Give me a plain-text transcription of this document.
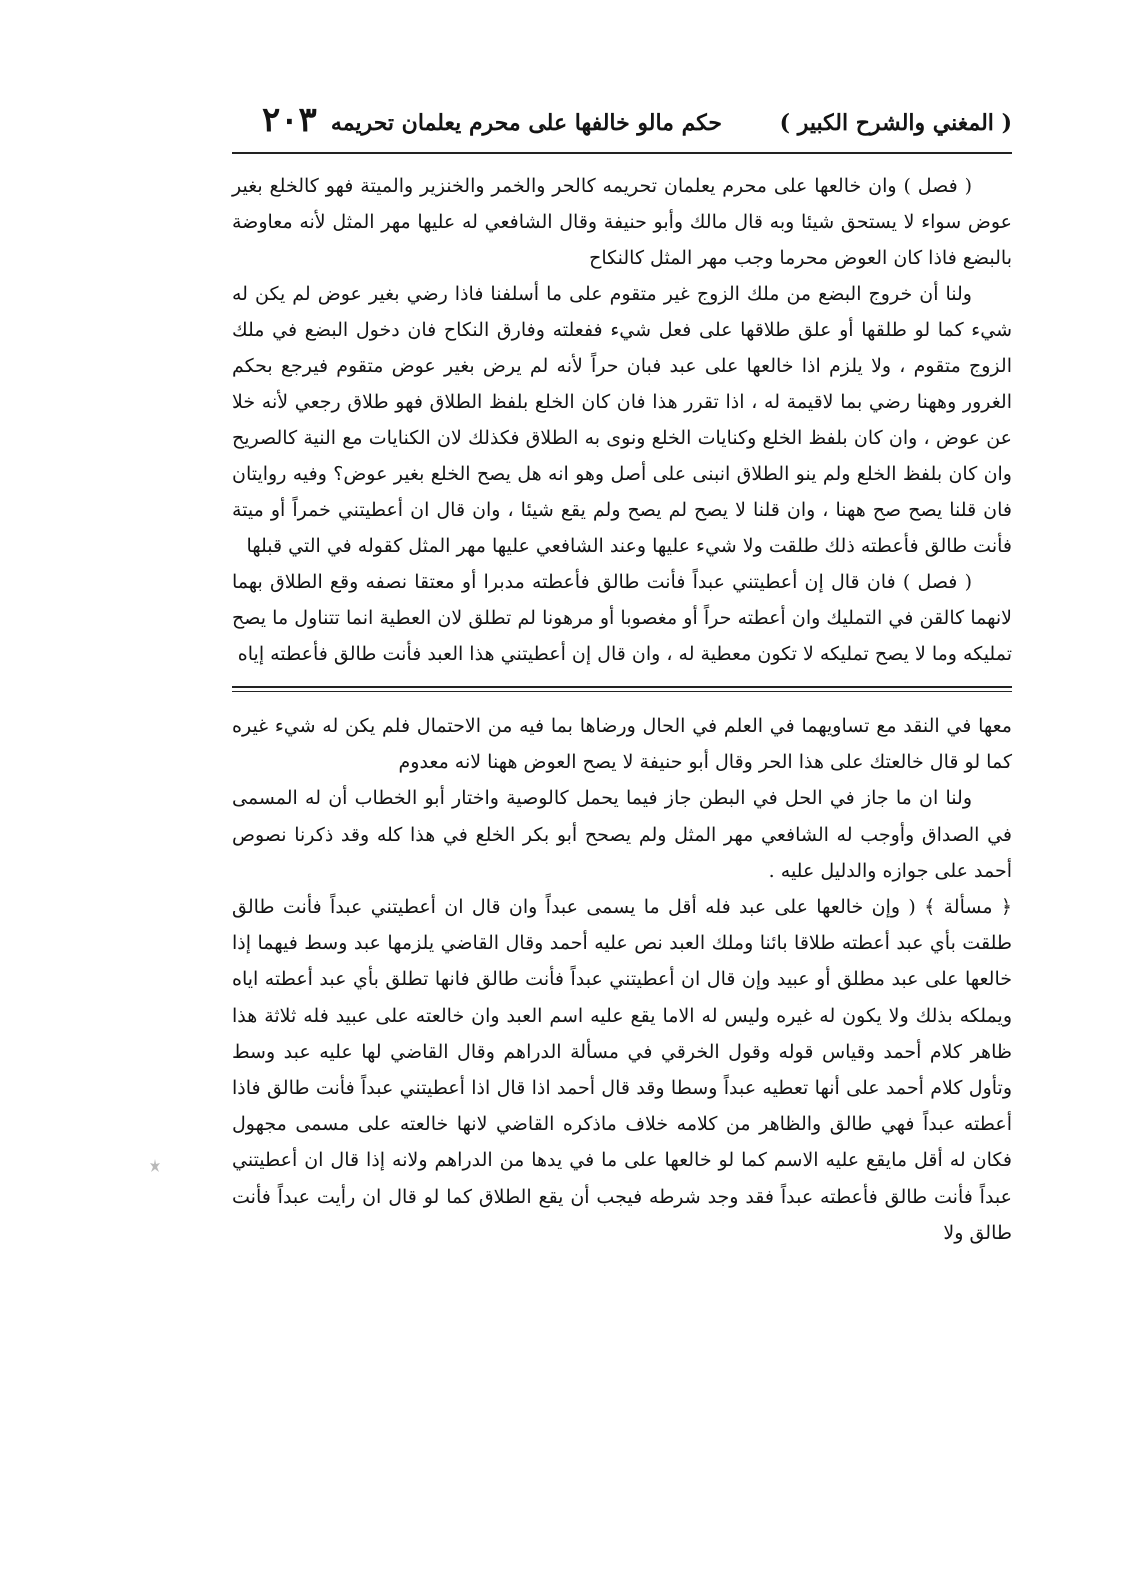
( المغني والشرح الكبير )
حكم مالو خالفها على محرم يعلمان تحريمه
٢٠٣

( فصل ) وان خالعها على محرم يعلمان تحريمه كالحر والخمر والخنزير والميتة فهو كالخلع بغير عوض سواء لا يستحق شيئا وبه قال مالك وأبو حنيفة وقال الشافعي له عليها مهر المثل لأنه معاوضة بالبضع فاذا كان العوض محرما وجب مهر المثل كالنكاح

ولنا أن خروج البضع من ملك الزوج غير متقوم على ما أسلفنا فاذا رضي بغير عوض لم يكن له شيء كما لو طلقها أو علق طلاقها على فعل شيء ففعلته وفارق النكاح فان دخول البضع في ملك الزوج متقوم ، ولا يلزم اذا خالعها على عبد فبان حراً لأنه لم يرض بغير عوض متقوم فيرجع بحكم الغرور وههنا رضي بما لاقيمة له ، اذا تقرر هذا فان كان الخلع بلفظ الطلاق فهو طلاق رجعي لأنه خلا عن عوض ، وان كان بلفظ الخلع وكنايات الخلع ونوى به الطلاق فكذلك لان الكنايات مع النية كالصريح وان كان بلفظ الخلع ولم ينو الطلاق انبنى على أصل وهو انه هل يصح الخلع بغير عوض؟ وفيه روايتان فان قلنا يصح صح ههنا ، وان قلنا لا يصح لم يصح ولم يقع شيئا ، وان قال ان أعطيتني خمراً أو ميتة فأنت طالق فأعطته ذلك طلقت ولا شيء عليها وعند الشافعي عليها مهر المثل كقوله في التي قبلها

( فصل ) فان قال إن أعطيتني عبداً فأنت طالق فأعطته مدبرا أو معتقا نصفه وقع الطلاق بهما لانهما كالقن في التمليك وان أعطته حراً أو مغصوبا أو مرهونا لم تطلق لان العطية انما تتناول ما يصح تمليكه وما لا يصح تمليكه لا تكون معطية له ، وان قال إن أعطيتني هذا العبد فأنت طالق فأعطته إياه

معها في النقد مع تساويهما في العلم في الحال ورضاها بما فيه من الاحتمال فلم يكن له شيء غيره كما لو قال خالعتك على هذا الحر وقال أبو حنيفة لا يصح العوض ههنا لانه معدوم

ولنا ان ما جاز في الحل في البطن جاز فيما يحمل كالوصية واختار أبو الخطاب أن له المسمى في الصداق وأوجب له الشافعي مهر المثل ولم يصحح أبو بكر الخلع في هذا كله وقد ذكرنا نصوص أحمد على جوازه والدليل عليه .

﴿ مسألة ﴾ ( وإن خالعها على عبد فله أقل ما يسمى عبداً وان قال ان أعطيتني عبداً فأنت طالق طلقت بأي عبد أعطته طلاقا بائنا وملك العبد نص عليه أحمد وقال القاضي يلزمها عبد وسط فيهما إذا خالعها على عبد مطلق أو عبيد وإن قال ان أعطيتني عبداً فأنت طالق فانها تطلق بأي عبد أعطته اياه ويملكه بذلك ولا يكون له غيره وليس له الاما يقع عليه اسم العبد وان خالعته على عبيد فله ثلاثة هذا ظاهر كلام أحمد وقياس قوله وقول الخرقي في مسألة الدراهم وقال القاضي لها عليه عبد وسط وتأول كلام أحمد على أنها تعطيه عبداً وسطا وقد قال أحمد اذا قال اذا أعطيتني عبداً فأنت طالق فاذا أعطته عبداً فهي طالق والظاهر من كلامه خلاف ماذكره القاضي لانها خالعته على مسمى مجهول فكان له أقل مايقع عليه الاسم كما لو خالعها على ما في يدها من الدراهم ولانه إذا قال ان أعطيتني عبداً فأنت طالق فأعطته عبداً فقد وجد شرطه فيجب أن يقع الطلاق كما لو قال ان رأيت عبداً فأنت طالق ولا
